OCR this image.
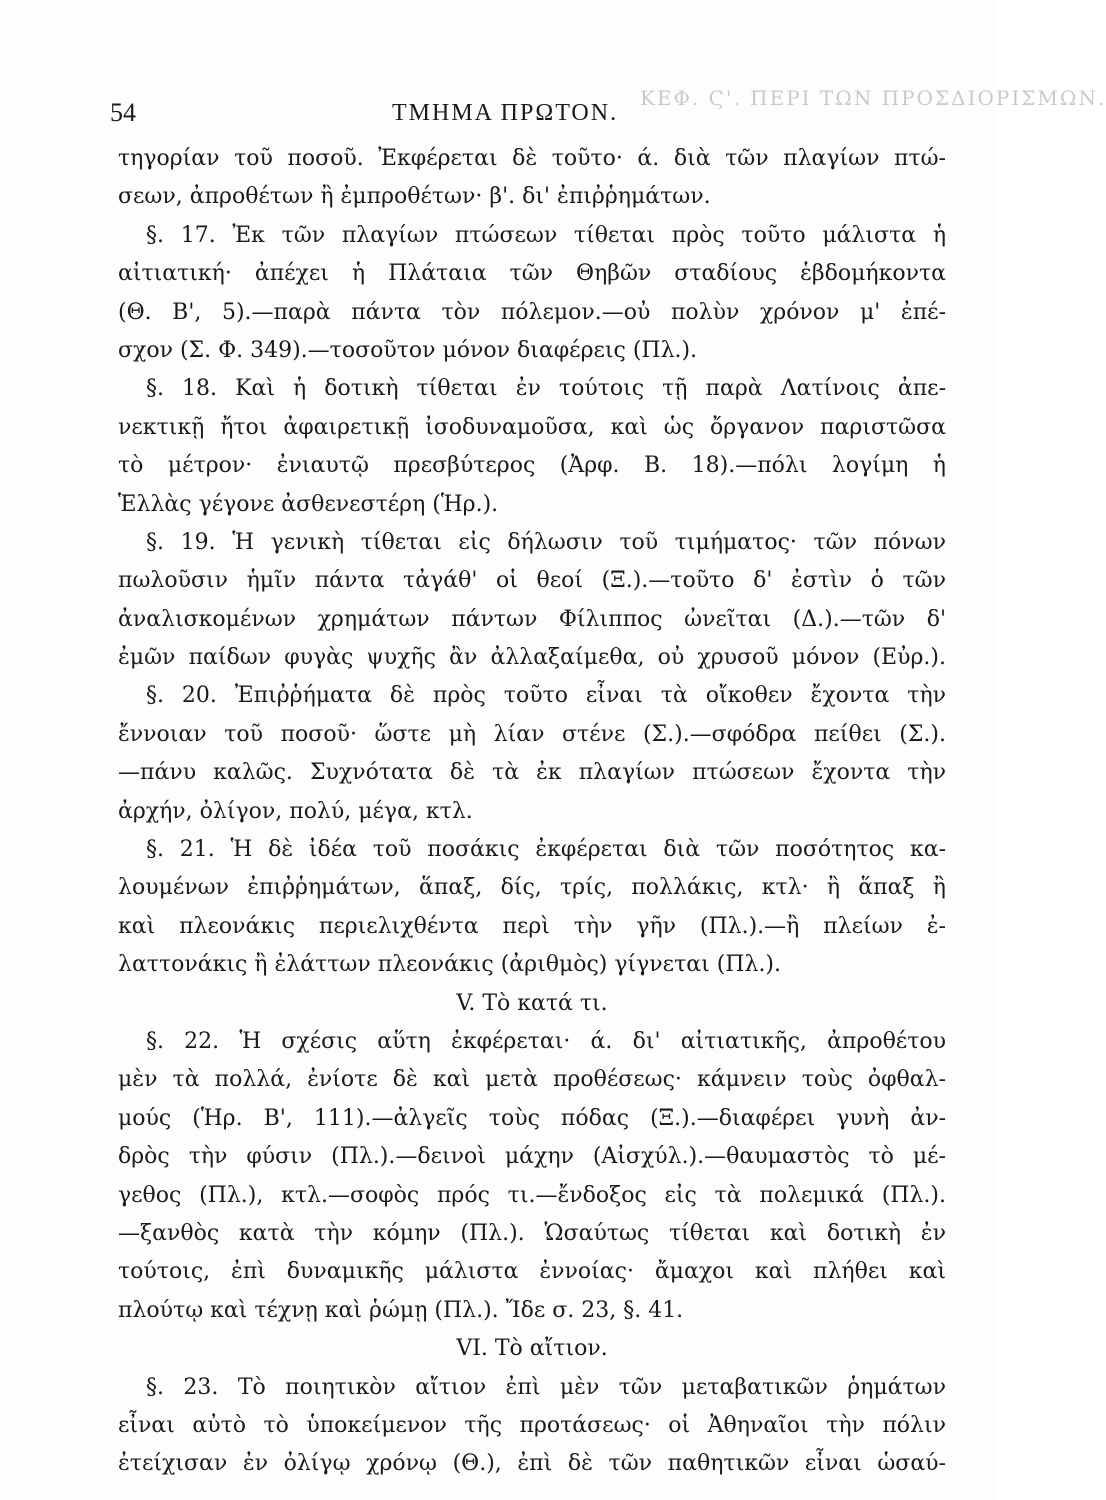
ΚΕΦ. Ϛ'. ΠΕΡΙ ΤΩΝ ΠΡΟΣΔΙΟΡΙΣΜΩΝ.
54	ΤΜΗΜΑ ΠΡΩΤΟΝ.
τηγορίαν τοῦ ποσοῦ. Ἐκφέρεται δὲ τοῦτο· ά. διὰ τῶν πλαγίων πτώ-
σεων, ἀπροθέτων ἢ ἐμπροθέτων· β'. δι' ἐπιῤῥημάτων.
§. 17. Ἐκ τῶν πλαγίων πτώσεων τίθεται πρὸς τοῦτο μάλιστα ἡ
αἰτιατική· ἀπέχει ἡ Πλάταια τῶν Θηβῶν σταδίους ἑβδομήκοντα
(Θ. Β', 5).—παρὰ πάντα τὸν πόλεμον.—οὐ πολὺν χρόνον μ' ἐπέ-
σχον (Σ. Φ. 349).—τοσοῦτον μόνον διαφέρεις (Πλ.).
§. 18. Καὶ ἡ δοτικὴ τίθεται ἐν τούτοις τῇ παρὰ Λατίνοις ἀπε-
νεκτικῇ ἤτοι ἀφαιρετικῇ ἰσοδυναμοῦσα, καὶ ὡς ὄργανον παριστῶσα
τὸ μέτρον· ἐνιαυτῷ πρεσβύτερος (Ἀρφ. Β. 18).—πόλι λογίμη ἡ
Ἑλλὰς γέγονε ἀσθενεστέρη (Ἡρ.).
§. 19. Ἡ γενικὴ τίθεται εἰς δήλωσιν τοῦ τιμήματος· τῶν πόνων
πωλοῦσιν ἡμῖν πάντα τἀγάθ' οἱ θεοί (Ξ.).—τοῦτο δ' ἐστὶν ὁ τῶν
ἀναλισκομένων χρημάτων πάντων Φίλιππος ὠνεῖται (Δ.).—τῶν δ'
ἐμῶν παίδων φυγὰς ψυχῆς ἂν ἀλλαξαίμεθα, οὐ χρυσοῦ μόνον (Εὐρ.).
§. 20. Ἐπιῤῥήματα δὲ πρὸς τοῦτο εἶναι τὰ οἴκοθεν ἔχοντα τὴν
ἔννοιαν τοῦ ποσοῦ· ὥστε μὴ λίαν στένε (Σ.).—σφόδρα πείθει (Σ.).
—πάνυ καλῶς. Συχνότατα δὲ τὰ ἐκ πλαγίων πτώσεων ἔχοντα τὴν
ἀρχήν, ὀλίγον, πολύ, μέγα, κτλ.
§. 21. Ἡ δὲ ἰδέα τοῦ ποσάκις ἐκφέρεται διὰ τῶν ποσότητος κα-
λουμένων ἐπιῤῥημάτων, ἅπαξ, δίς, τρίς, πολλάκις, κτλ· ἢ ἅπαξ ἢ
καὶ πλεονάκις περιελιχθέντα περὶ τὴν γῆν (Πλ.).—ἢ πλείων ἐ-
λαττονάκις ἢ ἐλάττων πλεονάκις (ἀριθμὸς) γίγνεται (Πλ.).
V. Τὸ κατά τι.
§. 22. Ἡ σχέσις αὕτη ἐκφέρεται· ά. δι' αἰτιατικῆς, ἀπροθέτου
μὲν τὰ πολλά, ἐνίοτε δὲ καὶ μετὰ προθέσεως· κάμνειν τοὺς ὀφθαλ-
μούς (Ἡρ. Β', 111).—ἀλγεῖς τοὺς πόδας (Ξ.).—διαφέρει γυνὴ ἀν-
δρὸς τὴν φύσιν (Πλ.).—δεινοὶ μάχην (Αἰσχύλ.).—θαυμαστὸς τὸ μέ-
γεθος (Πλ.), κτλ.—σοφὸς πρός τι.—ἔνδοξος εἰς τὰ πολεμικά (Πλ.).
—ξανθὸς κατὰ τὴν κόμην (Πλ.). Ὡσαύτως τίθεται καὶ δοτικὴ ἐν
τούτοις, ἐπὶ δυναμικῆς μάλιστα ἐννοίας· ἄμαχοι καὶ πλήθει καὶ
πλούτῳ καὶ τέχνῃ καὶ ῥώμῃ (Πλ.). Ἴδε σ. 23, §. 41.
VI. Τὸ αἴτιον.
§. 23. Τὸ ποιητικὸν αἴτιον ἐπὶ μὲν τῶν μεταβατικῶν ῥημάτων
εἶναι αὐτὸ τὸ ὑποκείμενον τῆς προτάσεως· οἱ Ἀθηναῖοι τὴν πόλιν
ἐτείχισαν ἐν ὀλίγῳ χρόνῳ (Θ.), ἐπὶ δὲ τῶν παθητικῶν εἶναι ὡσαύ-
